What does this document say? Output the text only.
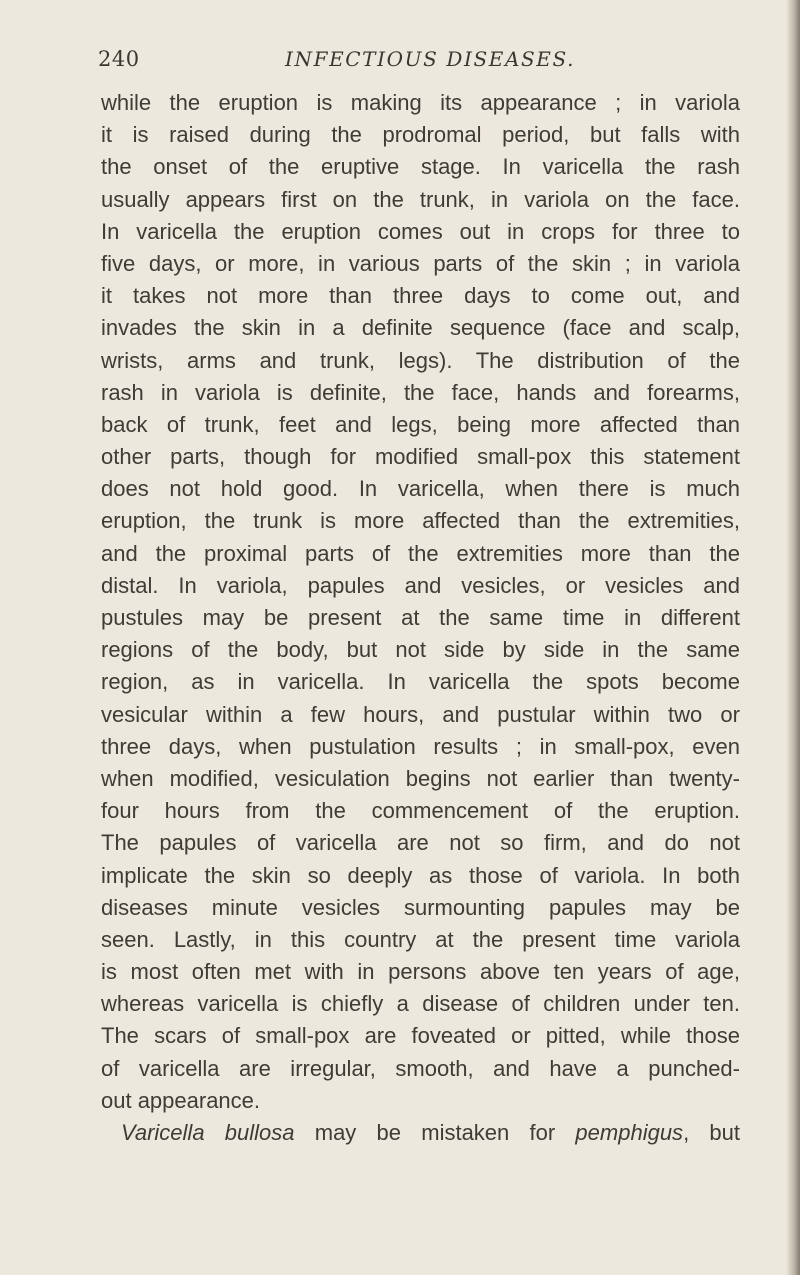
240	INFECTIOUS DISEASES.
while the eruption is making its appearance ; in variola
it is raised during the prodromal period, but falls with
the onset of the eruptive stage. In varicella the rash
usually appears first on the trunk, in variola on the face.
In varicella the eruption comes out in crops for three to
five days, or more, in various parts of the skin ; in variola
it takes not more than three days to come out, and
invades the skin in a definite sequence (face and scalp,
wrists, arms and trunk, legs). The distribution of the
rash in variola is definite, the face, hands and forearms,
back of trunk, feet and legs, being more affected than
other parts, though for modified small-pox this statement
does not hold good. In varicella, when there is much
eruption, the trunk is more affected than the extremities,
and the proximal parts of the extremities more than the
distal. In variola, papules and vesicles, or vesicles and
pustules may be present at the same time in different
regions of the body, but not side by side in the same
region, as in varicella. In varicella the spots become
vesicular within a few hours, and pustular within two or
three days, when pustulation results ; in small-pox, even
when modified, vesiculation begins not earlier than twenty-
four hours from the commencement of the eruption.
The papules of varicella are not so firm, and do not
implicate the skin so deeply as those of variola. In both
diseases minute vesicles surmounting papules may be
seen. Lastly, in this country at the present time variola
is most often met with in persons above ten years of age,
whereas varicella is chiefly a disease of children under ten.
The scars of small-pox are foveated or pitted, while those
of varicella are irregular, smooth, and have a punched-
out appearance.
Varicella bullosa may be mistaken for pemphigus, but
